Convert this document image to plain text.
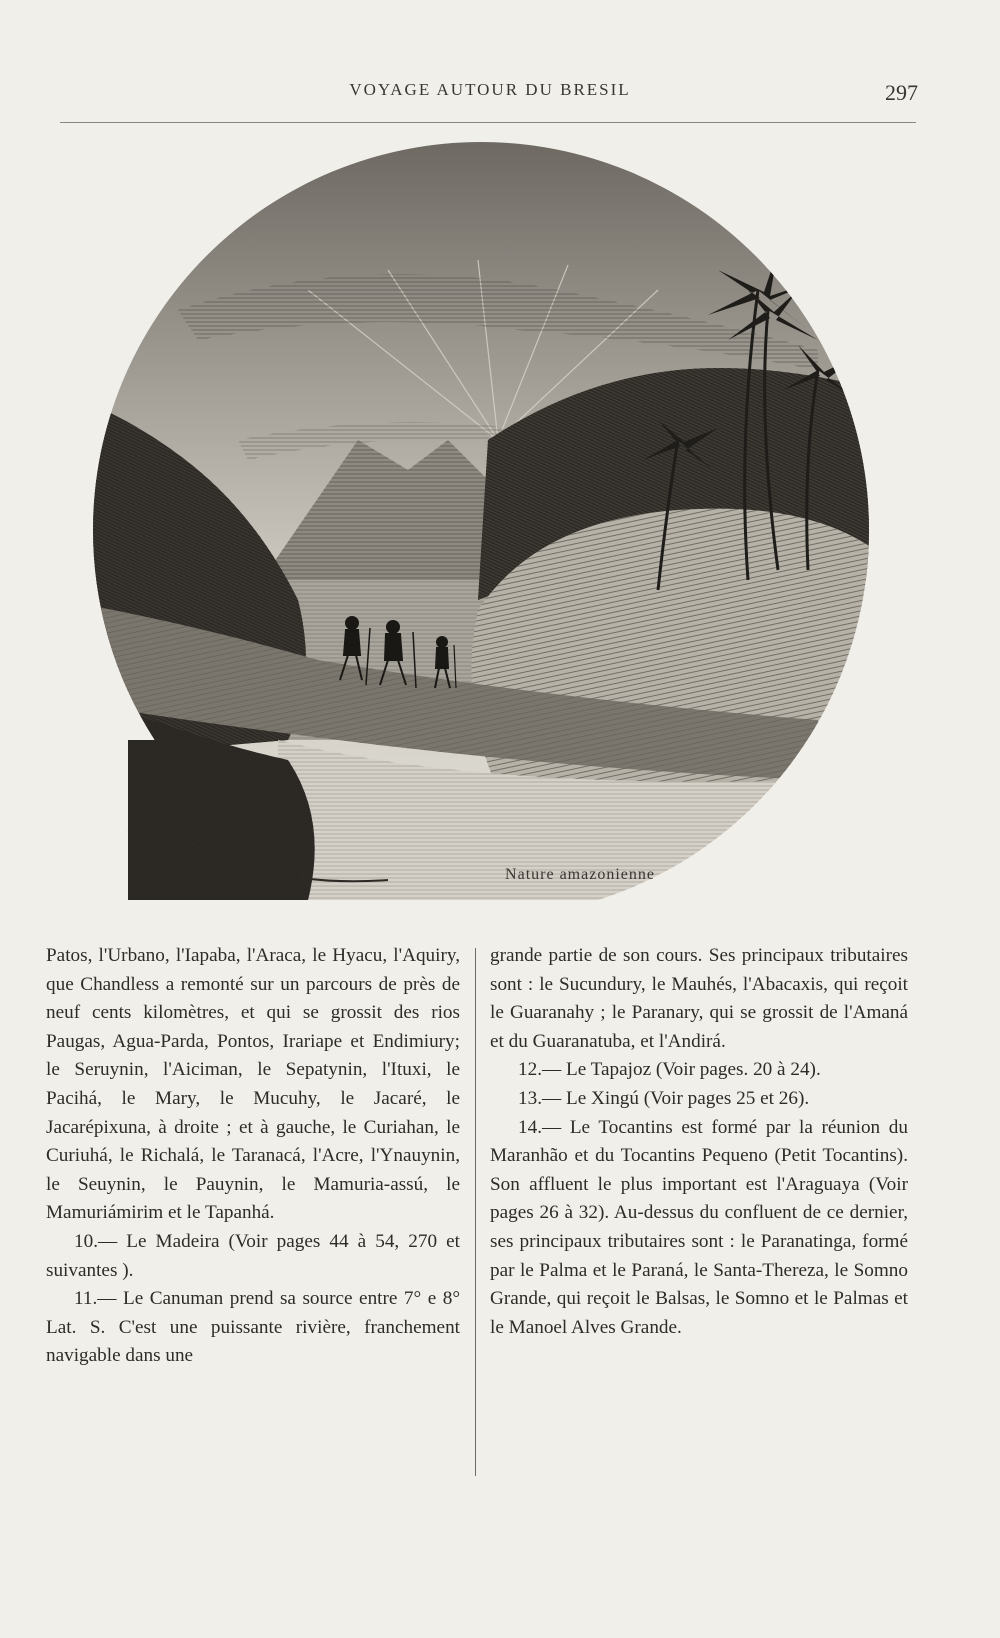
VOYAGE AUTOUR DU BRESIL	297
Nature amazonienne

Patos, l'Urbano, l'Iapaba, l'Araca, le Hyacu, l'Aquiry, que Chandless a remonté sur un parcours de près de neuf cents kilomètres, et qui se grossit des rios Paugas, Agua-Parda, Pontos, Irariape et Endimiury; le Seruynin, l'Aiciman, le Sepatynin, l'Ituxi, le Pacihá, le Mary, le Mucuhy, le Jacaré, le Jacarépixuna, à droite ; et à gauche, le Curiahan, le Curiuhá, le Richalá, le Taranacá, l'Acre, l'Ynauynin, le Seuynin, le Pauynin, le Mamuria-assú, le Mamuriámirim et le Tapanhá.

10.— Le Madeira (Voir pages 44 à 54, 270 et suivantes ).

11.— Le Canuman prend sa source entre 7° e 8° Lat. S. C'est une puissante rivière, franchement navigable dans une

grande partie de son cours. Ses principaux tributaires sont : le Sucundury, le Mauhés, l'Abacaxis, qui reçoit le Guaranahy ; le Paranary, qui se grossit de l'Amaná et du Guaranatuba, et l'Andirá.

12.— Le Tapajoz (Voir pages. 20 à 24).

13.— Le Xingú (Voir pages 25 et 26).

14.— Le Tocantins est formé par la réunion du Maranhão et du Tocantins Pequeno (Petit Tocantins). Son affluent le plus important est l'Araguaya (Voir pages 26 à 32). Au-dessus du confluent de ce dernier, ses principaux tributaires sont : le Paranatinga, formé par le Palma et le Paraná, le Santa-Thereza, le Somno Grande, qui reçoit le Balsas, le Somno et le Palmas et le Manoel Alves Grande.
